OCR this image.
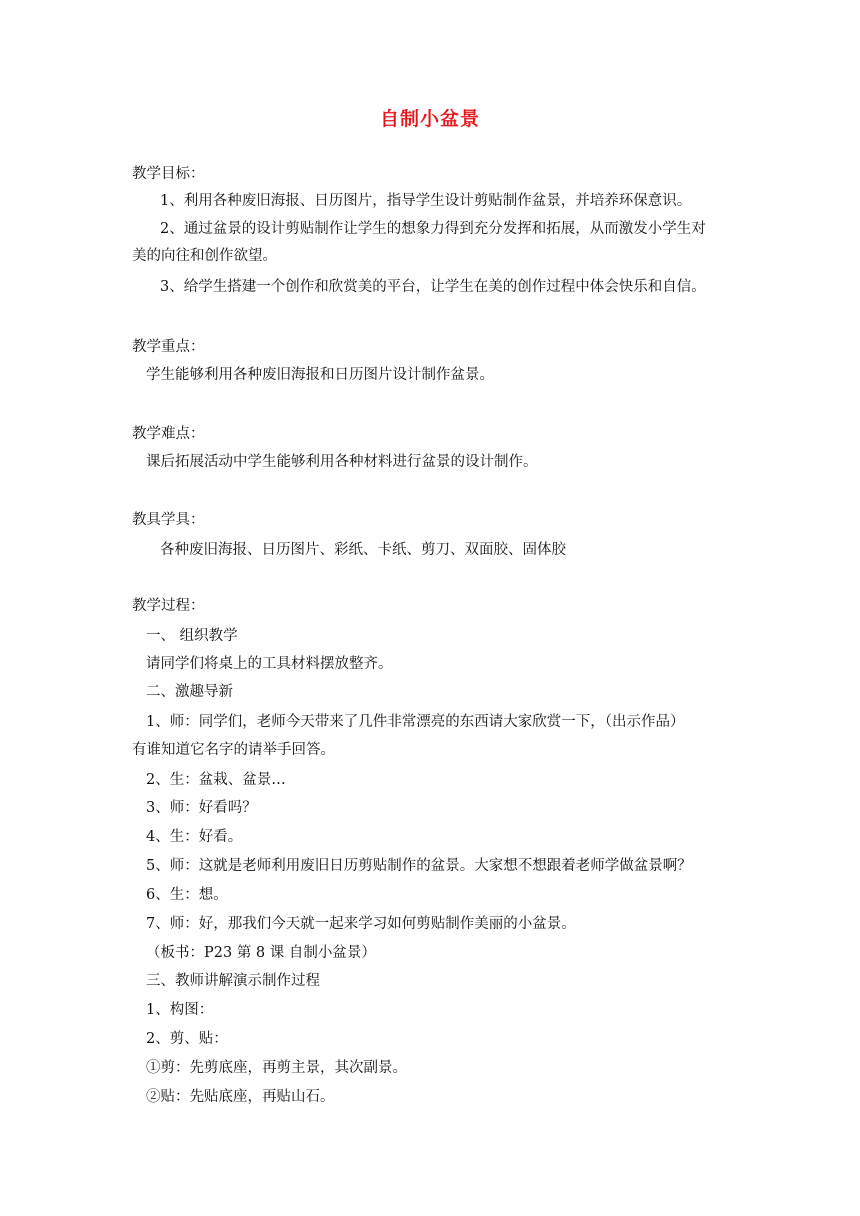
自制小盆景
教学目标：
1、利用各种废旧海报、日历图片，指导学生设计剪贴制作盆景，并培养环保意识。
2、通过盆景的设计剪贴制作让学生的想象力得到充分发挥和拓展，从而激发小学生对
美的向往和创作欲望。
3、给学生搭建一个创作和欣赏美的平台，让学生在美的创作过程中体会快乐和自信。
教学重点：
学生能够利用各种废旧海报和日历图片设计制作盆景。
教学难点：
课后拓展活动中学生能够利用各种材料进行盆景的设计制作。
教具学具：
各种废旧海报、日历图片、彩纸、卡纸、剪刀、双面胶、固体胶
教学过程：
一、 组织教学
请同学们将桌上的工具材料摆放整齐。
二、激趣导新
1、师：同学们，老师今天带来了几件非常漂亮的东西请大家欣赏一下，（出示作品）
有谁知道它名字的请举手回答。
2、生：盆栽、盆景…
3、师：好看吗？
4、生：好看。
5、师：这就是老师利用废旧日历剪贴制作的盆景。大家想不想跟着老师学做盆景啊？
6、生：想。
7、师：好，那我们今天就一起来学习如何剪贴制作美丽的小盆景。
（板书：P23 第 8 课 自制小盆景）
三、教师讲解演示制作过程
1、构图：
2、剪、贴：
①剪：先剪底座，再剪主景，其次副景。
②贴：先贴底座，再贴山石。
